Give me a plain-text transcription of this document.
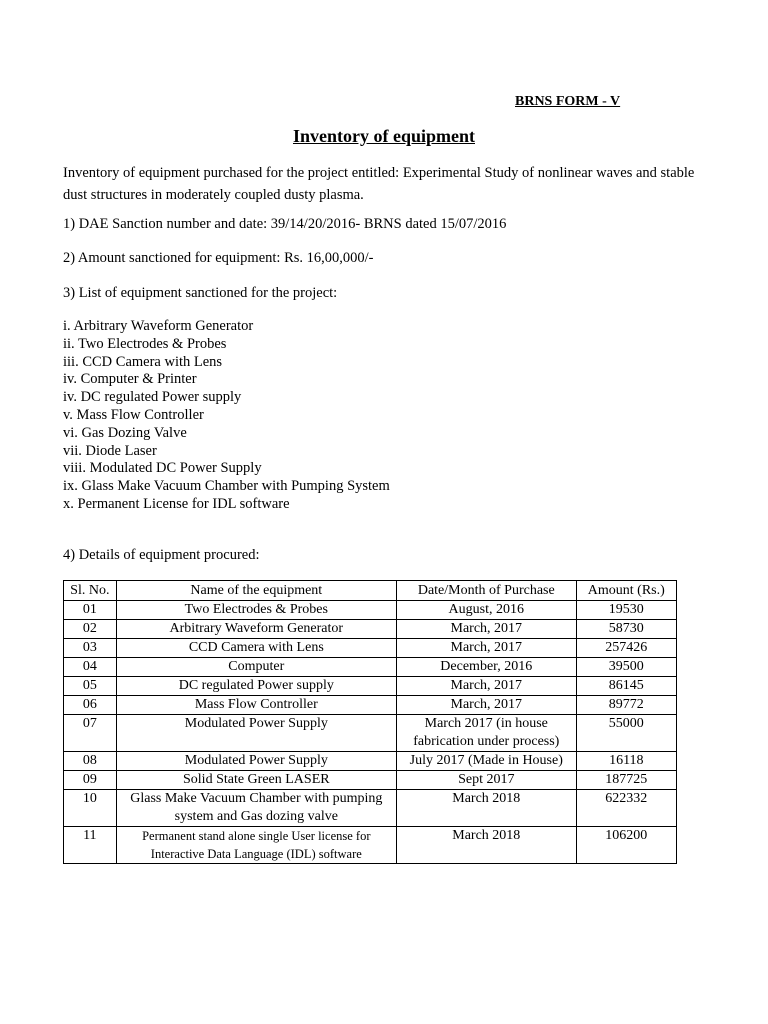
BRNS FORM - V
Inventory of equipment
Inventory of equipment purchased for the project entitled: Experimental Study of nonlinear waves and stable dust structures in moderately coupled dusty plasma.
1) DAE Sanction number and date: 39/14/20/2016- BRNS dated 15/07/2016
2) Amount sanctioned for equipment: Rs. 16,00,000/-
3) List of equipment sanctioned for the project:
i. Arbitrary Waveform Generator
ii. Two Electrodes & Probes
iii. CCD Camera with Lens
iv. Computer & Printer
iv. DC regulated Power supply
v. Mass Flow Controller
vi. Gas Dozing Valve
vii. Diode Laser
viii. Modulated DC Power Supply
ix. Glass Make Vacuum Chamber with Pumping System
x. Permanent License for IDL software
4) Details of equipment procured:
Sl. No.	Name of the equipment	Date/Month of Purchase	Amount (Rs.)
01	Two Electrodes & Probes	August, 2016	19530
02	Arbitrary Waveform Generator	March, 2017	58730
03	CCD Camera with Lens	March, 2017	257426
04	Computer	December, 2016	39500
05	DC regulated Power supply	March, 2017	86145
06	Mass Flow Controller	March, 2017	89772
07	Modulated Power Supply	March 2017 (in house fabrication under process)	55000
08	Modulated Power Supply	July 2017 (Made in House)	16118
09	Solid State Green LASER	Sept 2017	187725
10	Glass Make Vacuum Chamber with pumping system and Gas dozing valve	March 2018	622332
11	Permanent stand alone single User license for Interactive Data Language (IDL) software	March 2018	106200
